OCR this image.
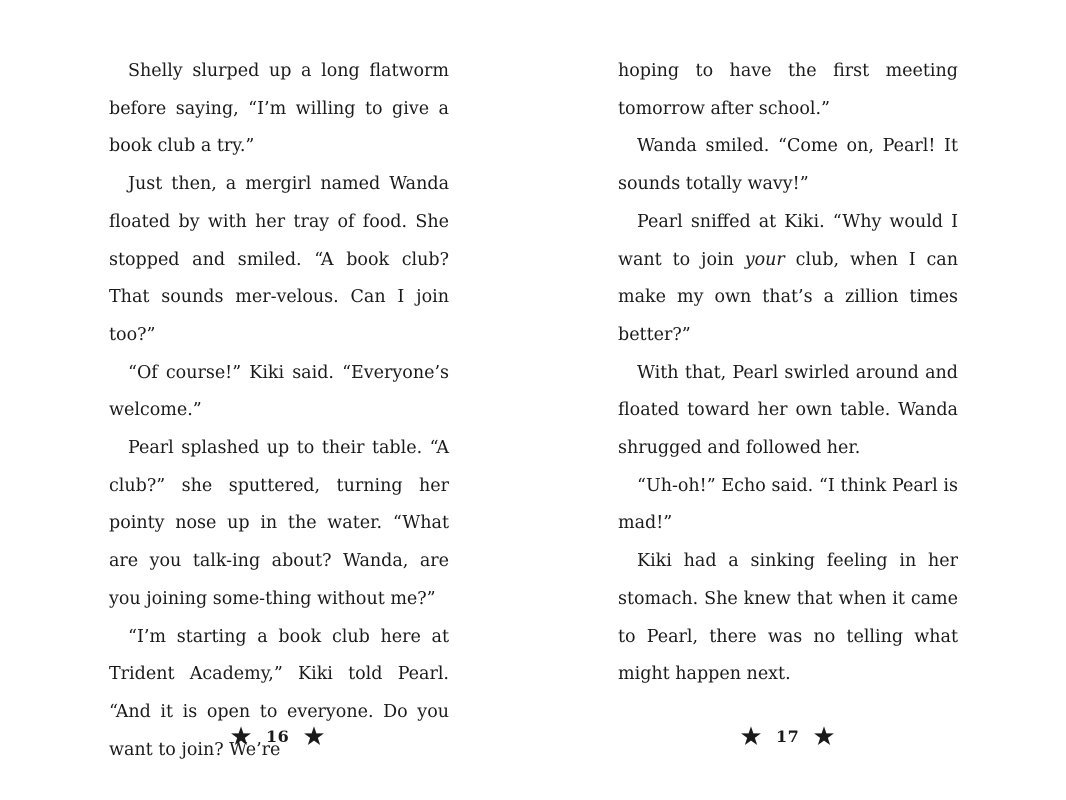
Shelly slurped up a long flatworm before saying, “I’m willing to give a book club a try.”

Just then, a mergirl named Wanda floated by with her tray of food. She stopped and smiled. “A book club? That sounds mer-velous. Can I join too?”

“Of course!” Kiki said. “Everyone’s welcome.”

Pearl splashed up to their table. “A club?” she sputtered, turning her pointy nose up in the water. “What are you talk-ing about? Wanda, are you joining some-thing without me?”

“I’m starting a book club here at Trident Academy,” Kiki told Pearl. “And it is open to everyone. Do you want to join? We’re

hoping to have the first meeting tomorrow after school.”

Wanda smiled. “Come on, Pearl! It sounds totally wavy!”

Pearl sniffed at Kiki. “Why would I want to join your club, when I can make my own that’s a zillion times better?”

With that, Pearl swirled around and floated toward her own table. Wanda shrugged and followed her.

“Uh-oh!” Echo said. “I think Pearl is mad!”

Kiki had a sinking feeling in her stomach. She knew that when it came to Pearl, there was no telling what might happen next.

16	17
